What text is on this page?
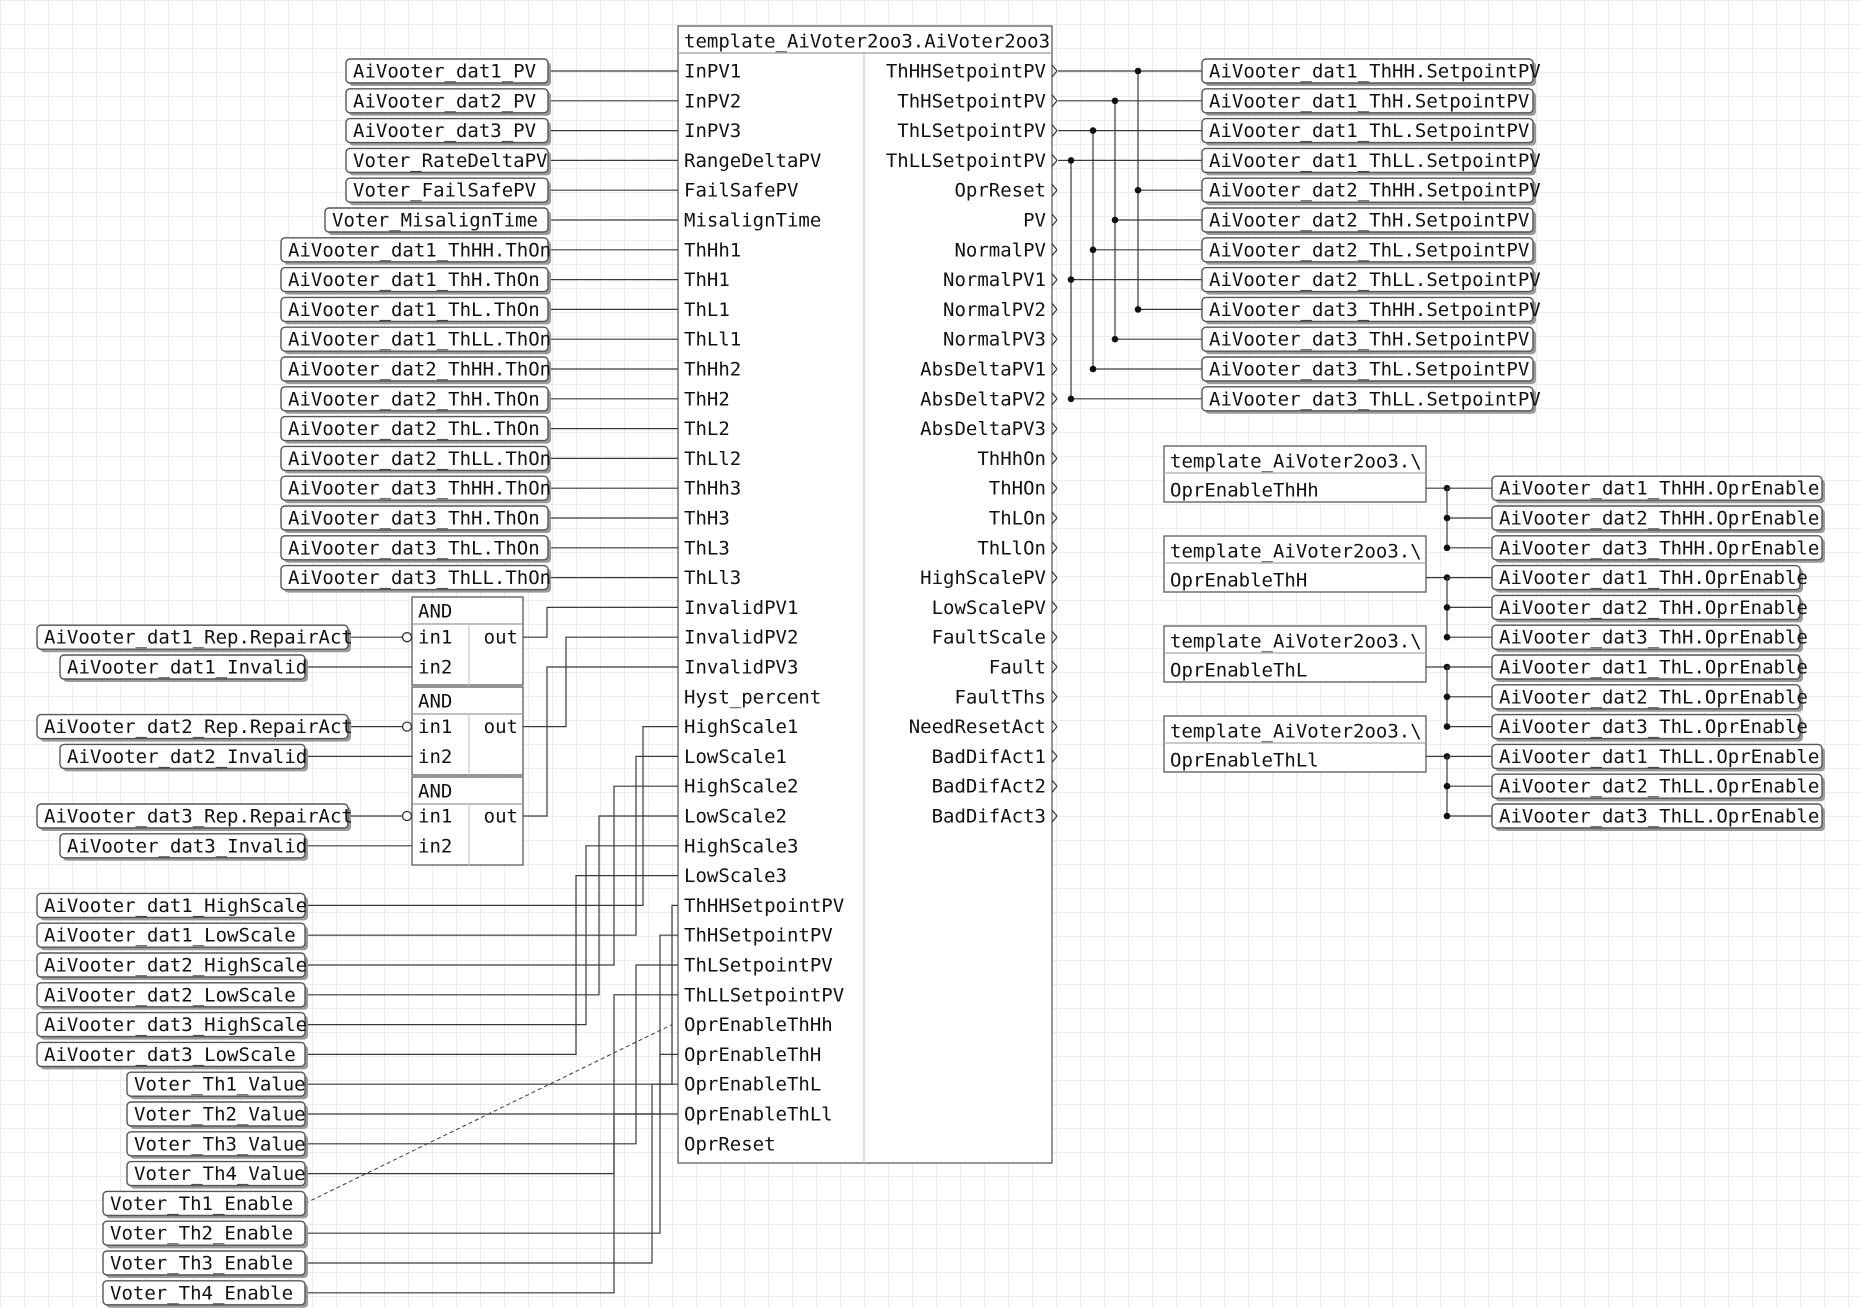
template_AiVoter2oo3.AiVoter2oo3
InPV1
InPV2
InPV3
RangeDeltaPV
FailSafePV
MisalignTime
ThHh1
ThH1
ThL1
ThLl1
ThHh2
ThH2
ThL2
ThLl2
ThHh3
ThH3
ThL3
ThLl3
InvalidPV1
InvalidPV2
InvalidPV3
Hyst_percent
HighScale1
LowScale1
HighScale2
LowScale2
HighScale3
LowScale3
ThHHSetpointPV
ThHSetpointPV
ThLSetpointPV
ThLLSetpointPV
OprEnableThHh
OprEnableThH
OprEnableThL
OprEnableThLl
OprReset
ThHHSetpointPV
ThHSetpointPV
ThLSetpointPV
ThLLSetpointPV
OprReset
PV
NormalPV
NormalPV1
NormalPV2
NormalPV3
AbsDeltaPV1
AbsDeltaPV2
AbsDeltaPV3
ThHhOn
ThHOn
ThLOn
ThLlOn
HighScalePV
LowScalePV
FaultScale
Fault
FaultThs
NeedResetAct
BadDifAct1
BadDifAct2
BadDifAct3
AiVooter_dat1_PV
AiVooter_dat2_PV
AiVooter_dat3_PV
Voter_RateDeltaPV
Voter_FailSafePV
Voter_MisalignTime
AiVooter_dat1_ThHH.ThOn
AiVooter_dat1_ThH.ThOn
AiVooter_dat1_ThL.ThOn
AiVooter_dat1_ThLL.ThOn
AiVooter_dat2_ThHH.ThOn
AiVooter_dat2_ThH.ThOn
AiVooter_dat2_ThL.ThOn
AiVooter_dat2_ThLL.ThOn
AiVooter_dat3_ThHH.ThOn
AiVooter_dat3_ThH.ThOn
AiVooter_dat3_ThL.ThOn
AiVooter_dat3_ThLL.ThOn
AND
in1
in2
out
AiVooter_dat1_Rep.RepairAct
AiVooter_dat1_Invalid
AND
in1
in2
out
AiVooter_dat2_Rep.RepairAct
AiVooter_dat2_Invalid
AND
in1
in2
out
AiVooter_dat3_Rep.RepairAct
AiVooter_dat3_Invalid
AiVooter_dat1_HighScale
AiVooter_dat1_LowScale
AiVooter_dat2_HighScale
AiVooter_dat2_LowScale
AiVooter_dat3_HighScale
AiVooter_dat3_LowScale
Voter_Th1_Value
Voter_Th2_Value
Voter_Th3_Value
Voter_Th4_Value
Voter_Th1_Enable
Voter_Th2_Enable
Voter_Th3_Enable
Voter_Th4_Enable
AiVooter_dat1_ThHH.SetpointPV
AiVooter_dat1_ThH.SetpointPV
AiVooter_dat1_ThL.SetpointPV
AiVooter_dat1_ThLL.SetpointPV
AiVooter_dat2_ThHH.SetpointPV
AiVooter_dat2_ThH.SetpointPV
AiVooter_dat2_ThL.SetpointPV
AiVooter_dat2_ThLL.SetpointPV
AiVooter_dat3_ThHH.SetpointPV
AiVooter_dat3_ThH.SetpointPV
AiVooter_dat3_ThL.SetpointPV
AiVooter_dat3_ThLL.SetpointPV
template_AiVoter2oo3.\
OprEnableThHh	AiVooter_dat1_ThHH.OprEnable
AiVooter_dat2_ThHH.OprEnable
AiVooter_dat3_ThHH.OprEnable
template_AiVoter2oo3.\
OprEnableThH	AiVooter_dat1_ThH.OprEnable
AiVooter_dat2_ThH.OprEnable
AiVooter_dat3_ThH.OprEnable
template_AiVoter2oo3.\
OprEnableThL	AiVooter_dat1_ThL.OprEnable
AiVooter_dat2_ThL.OprEnable
AiVooter_dat3_ThL.OprEnable
template_AiVoter2oo3.\
OprEnableThLl	AiVooter_dat1_ThLL.OprEnable
AiVooter_dat2_ThLL.OprEnable
AiVooter_dat3_ThLL.OprEnable
